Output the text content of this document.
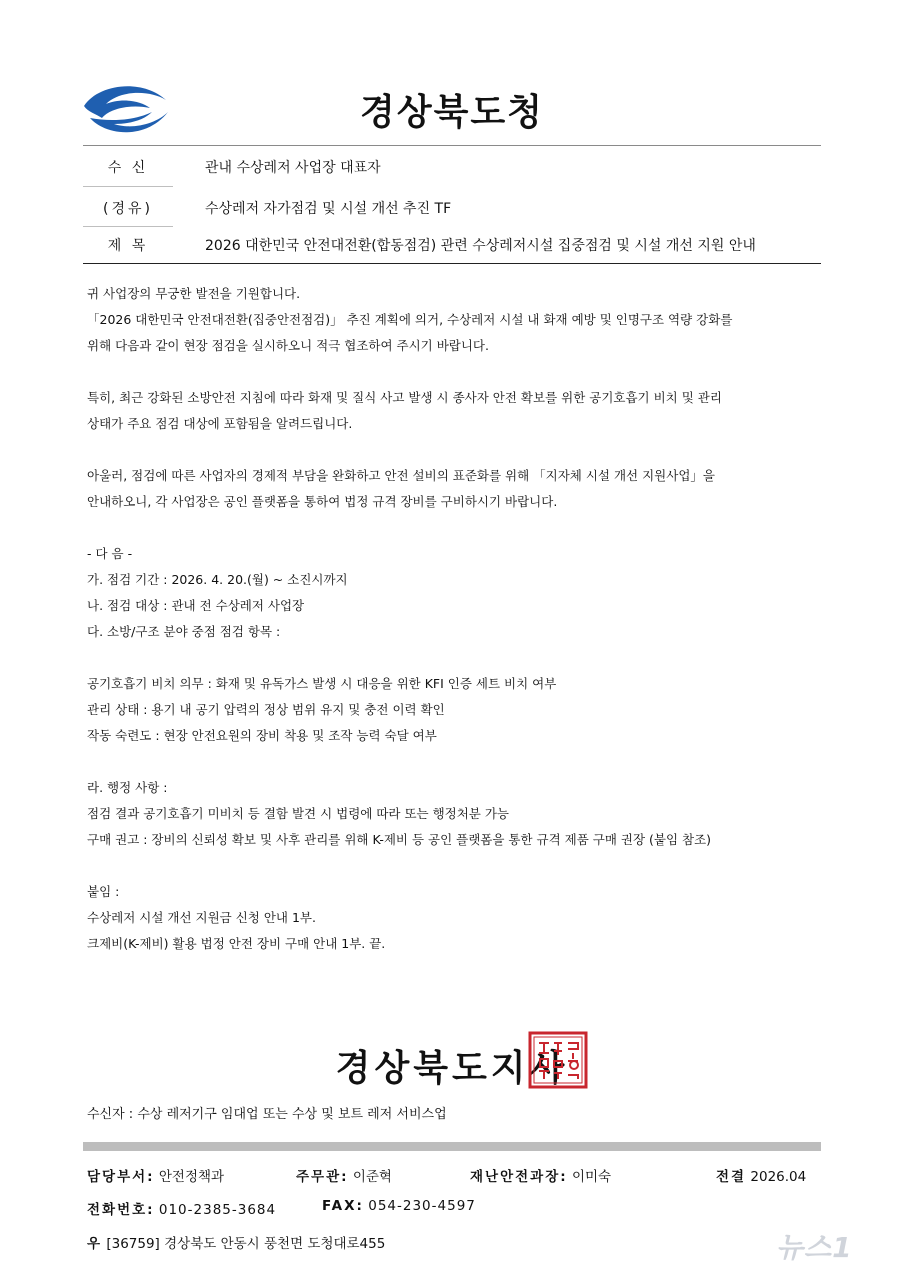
경상북도청
수 신	관내 수상레저 사업장 대표자
(경유)	수상레저 자가점검 및 시설 개선 추진 TF
제 목	2026 대한민국 안전대전환(합동점검) 관련 수상레저시설 집중점검 및 시설 개선 지원 안내

귀 사업장의 무궁한 발전을 기원합니다.

「2026 대한민국 안전대전환(집중안전점검)」 추진 계획에 의거, 수상레저 시설 내 화재 예방 및 인명구조 역량 강화를

위해 다음과 같이 현장 점검을 실시하오니 적극 협조하여 주시기 바랍니다.

특히, 최근 강화된 소방안전 지침에 따라 화재 및 질식 사고 발생 시 종사자 안전 확보를 위한 공기호흡기 비치 및 관리

상태가 주요 점검 대상에 포함됨을 알려드립니다.

아울러, 점검에 따른 사업자의 경제적 부담을 완화하고 안전 설비의 표준화를 위해 「지자체 시설 개선 지원사업」을

안내하오니, 각 사업장은 공인 플랫폼을 통하여 법정 규격 장비를 구비하시기 바랍니다.

- 다 음 -

가. 점검 기간 : 2026. 4. 20.(월) ~ 소진시까지

나. 점검 대상 : 관내 전 수상레저 사업장

다. 소방/구조 분야 중점 점검 항목 :

공기호흡기 비치 의무 : 화재 및 유독가스 발생 시 대응을 위한 KFI 인증 세트 비치 여부

관리 상태 : 용기 내 공기 압력의 정상 범위 유지 및 충전 이력 확인

작동 숙련도 : 현장 안전요원의 장비 착용 및 조작 능력 숙달 여부

라. 행정 사항 :

점검 결과 공기호흡기 미비치 등 결함 발견 시 법령에 따라 또는 행정처분 가능

구매 권고 : 장비의 신뢰성 확보 및 사후 관리를 위해 K-제비 등 공인 플랫폼을 통한 규격 제품 구매 권장 (붙임 참조)

붙임 :

수상레저 시설 개선 지원금 신청 안내 1부.

크제비(K-제비) 활용 법정 안전 장비 구매 안내 1부. 끝.

경상북도지사
수신자 : 수상 레저기구 임대업 또는 수상 및 보트 레저 서비스업
담당부서: 안전정책과	주무관: 이준혁	재난안전과장: 이미숙	전결 2026.04
전화번호: 010-2385-3684	FAX: 054-230-4597
우 [36759] 경상북도 안동시 풍천면 도청대로455	뉴스1
